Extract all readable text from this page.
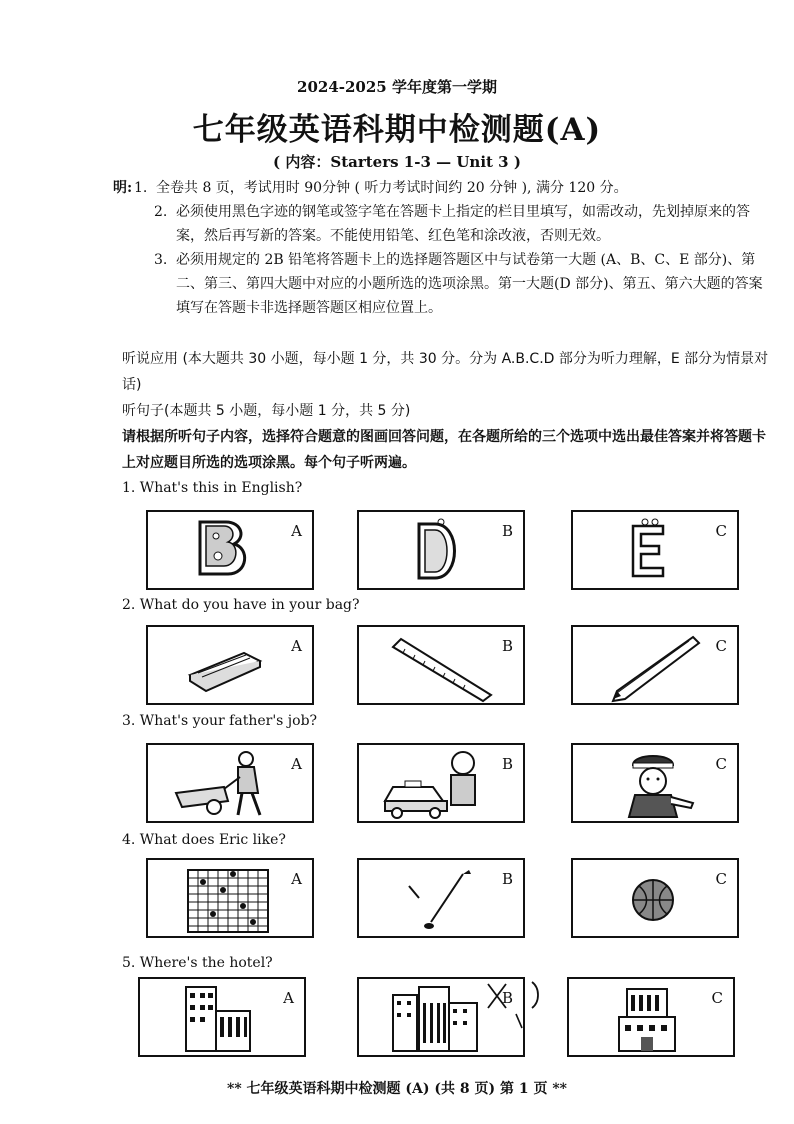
2024-2025 学年度第一学期
七年级英语科期中检测题(A)
( 内容：Starters 1-3 — Unit 3 )
明: 1. 全卷共 8 页，考试用时 90分钟 ( 听力考试时间约 20 分钟 ), 满分 120 分。
2. 必须使用黑色字迹的钢笔或签字笔在答题卡上指定的栏目里填写，如需改动，先划掉原来的答案，然后再写新的答案。不能使用铅笔、红色笔和涂改液，否则无效。
3. 必须用规定的 2B 铅笔将答题卡上的选择题答题区中与试卷第一大题 (A、B、C、E 部分)、第二、第三、第四大题中对应的小题所选的选项涂黑。第一大题(D 部分)、第五、第六大题的答案填写在答题卡非选择题答题区相应位置上。
听说应用 (本大题共 30 小题，每小题 1 分，共 30 分。分为 A.B.C.D 部分为听力理解，E 部分为情景对话)
听句子(本题共 5 小题，每小题 1 分，共 5 分)
请根据所听句子内容，选择符合题意的图画回答问题，在各题所给的三个选项中选出最佳答案并将答题卡上对应题目所选的选项涂黑。每个句子听两遍。
1. What's this in English?
A	B	C
2. What do you have in your bag?
A	B	C
3. What's your father's job?
A	B	C
4. What does Eric like?
A	B	C
5. Where's the hotel?
A	B	C
** 七年级英语科期中检测题 (A) (共 8 页) 第 1 页 **
